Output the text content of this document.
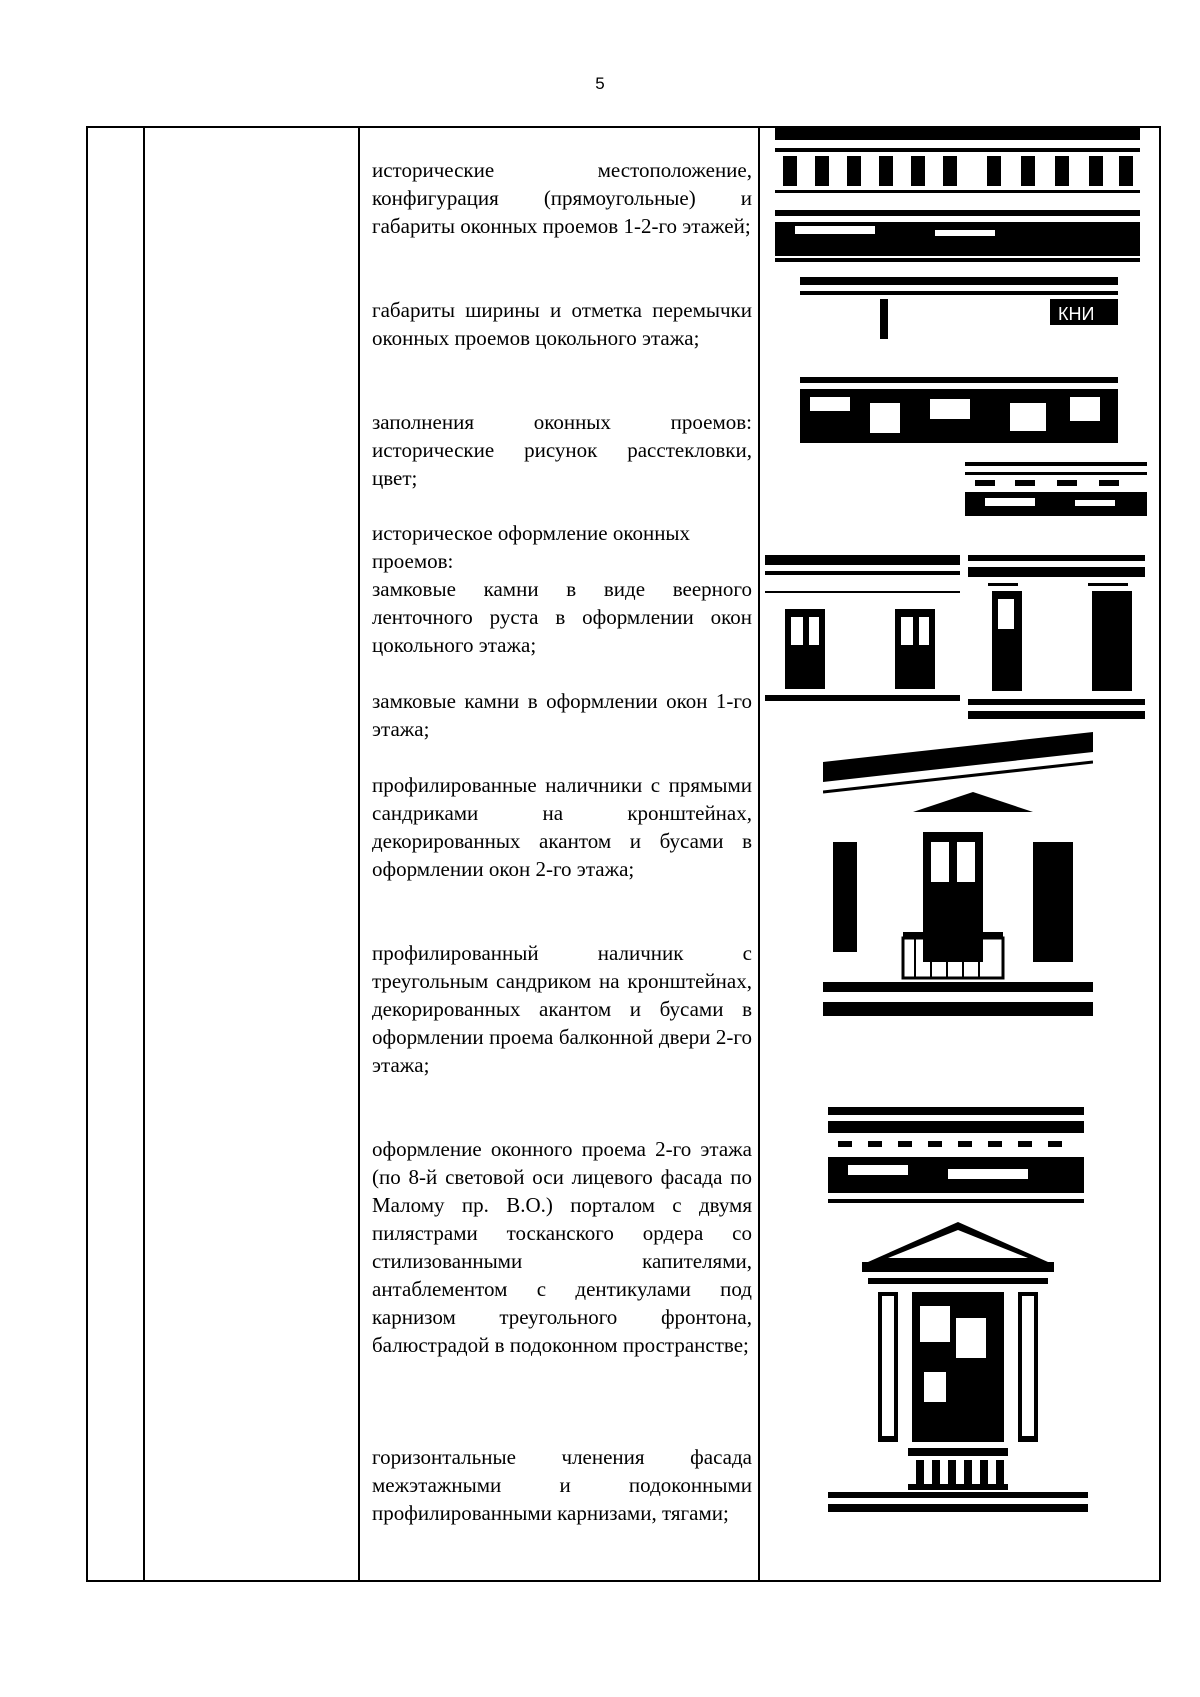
5
исторические местоположение, конфигурация (прямоугольные) и габариты оконных проемов 1-2-го этажей;
габариты ширины и отметка перемычки оконных проемов цокольного этажа;
заполнения оконных проемов: исторические рисунок расстекловки, цвет;
историческое оформление оконных проемов:
замковые камни в виде веерного ленточного руста в оформлении окон цокольного этажа;
замковые камни в оформлении окон 1-го этажа;
профилированные наличники с прямыми сандриками на кронштейнах, декорированных акантом и бусами в оформлении окон 2-го этажа;
профилированный наличник с треугольным сандриком на кронштейнах, декорированных акантом и бусами в оформлении проема балконной двери 2-го этажа;
оформление оконного проема 2-го этажа (по 8-й световой оси лицевого фасада по Малому пр. В.О.) порталом с двумя пилястрами тосканского ордера со стилизованными капителями, антаблементом с дентикулами под карнизом треугольного фронтона, балюстрадой в подоконном пространстве;
горизонтальные членения фасада межэтажными и подоконными профилированными карнизами, тягами;
КНИ
